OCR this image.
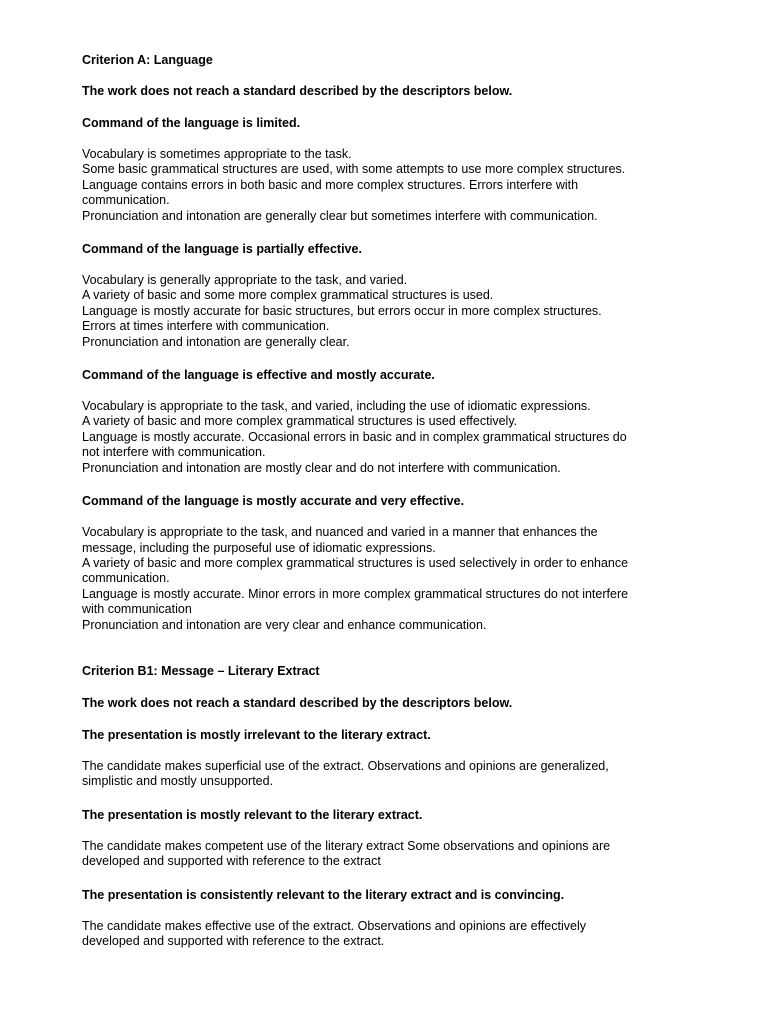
Criterion A: Language

The work does not reach a standard described by the descriptors below.

Command of the language is limited.

Vocabulary is sometimes appropriate to the task.
Some basic grammatical structures are used, with some attempts to use more complex structures.
Language contains errors in both basic and more complex structures. Errors interfere with
communication.
Pronunciation and intonation are generally clear but sometimes interfere with communication.

Command of the language is partially effective.

Vocabulary is generally appropriate to the task, and varied.
A variety of basic and some more complex grammatical structures is used.
Language is mostly accurate for basic structures, but errors occur in more complex structures.
Errors at times interfere with communication.
Pronunciation and intonation are generally clear.

Command of the language is effective and mostly accurate.

Vocabulary is appropriate to the task, and varied, including the use of idiomatic expressions.
A variety of basic and more complex grammatical structures is used effectively.
Language is mostly accurate. Occasional errors in basic and in complex grammatical structures do
not interfere with communication.
Pronunciation and intonation are mostly clear and do not interfere with communication.

Command of the language is mostly accurate and very effective.

Vocabulary is appropriate to the task, and nuanced and varied in a manner that enhances the
message, including the purposeful use of idiomatic expressions.
A variety of basic and more complex grammatical structures is used selectively in order to enhance
communication.
Language is mostly accurate. Minor errors in more complex grammatical structures do not interfere
with communication
Pronunciation and intonation are very clear and enhance communication.

Criterion B1: Message – Literary Extract

The work does not reach a standard described by the descriptors below.

The presentation is mostly irrelevant to the literary extract.

The candidate makes superficial use of the extract. Observations and opinions are generalized,
simplistic and mostly unsupported.

The presentation is mostly relevant to the literary extract.

The candidate makes competent use of the literary extract Some observations and opinions are
developed and supported with reference to the extract

The presentation is consistently relevant to the literary extract and is convincing.

The candidate makes effective use of the extract. Observations and opinions are effectively
developed and supported with reference to the extract.
